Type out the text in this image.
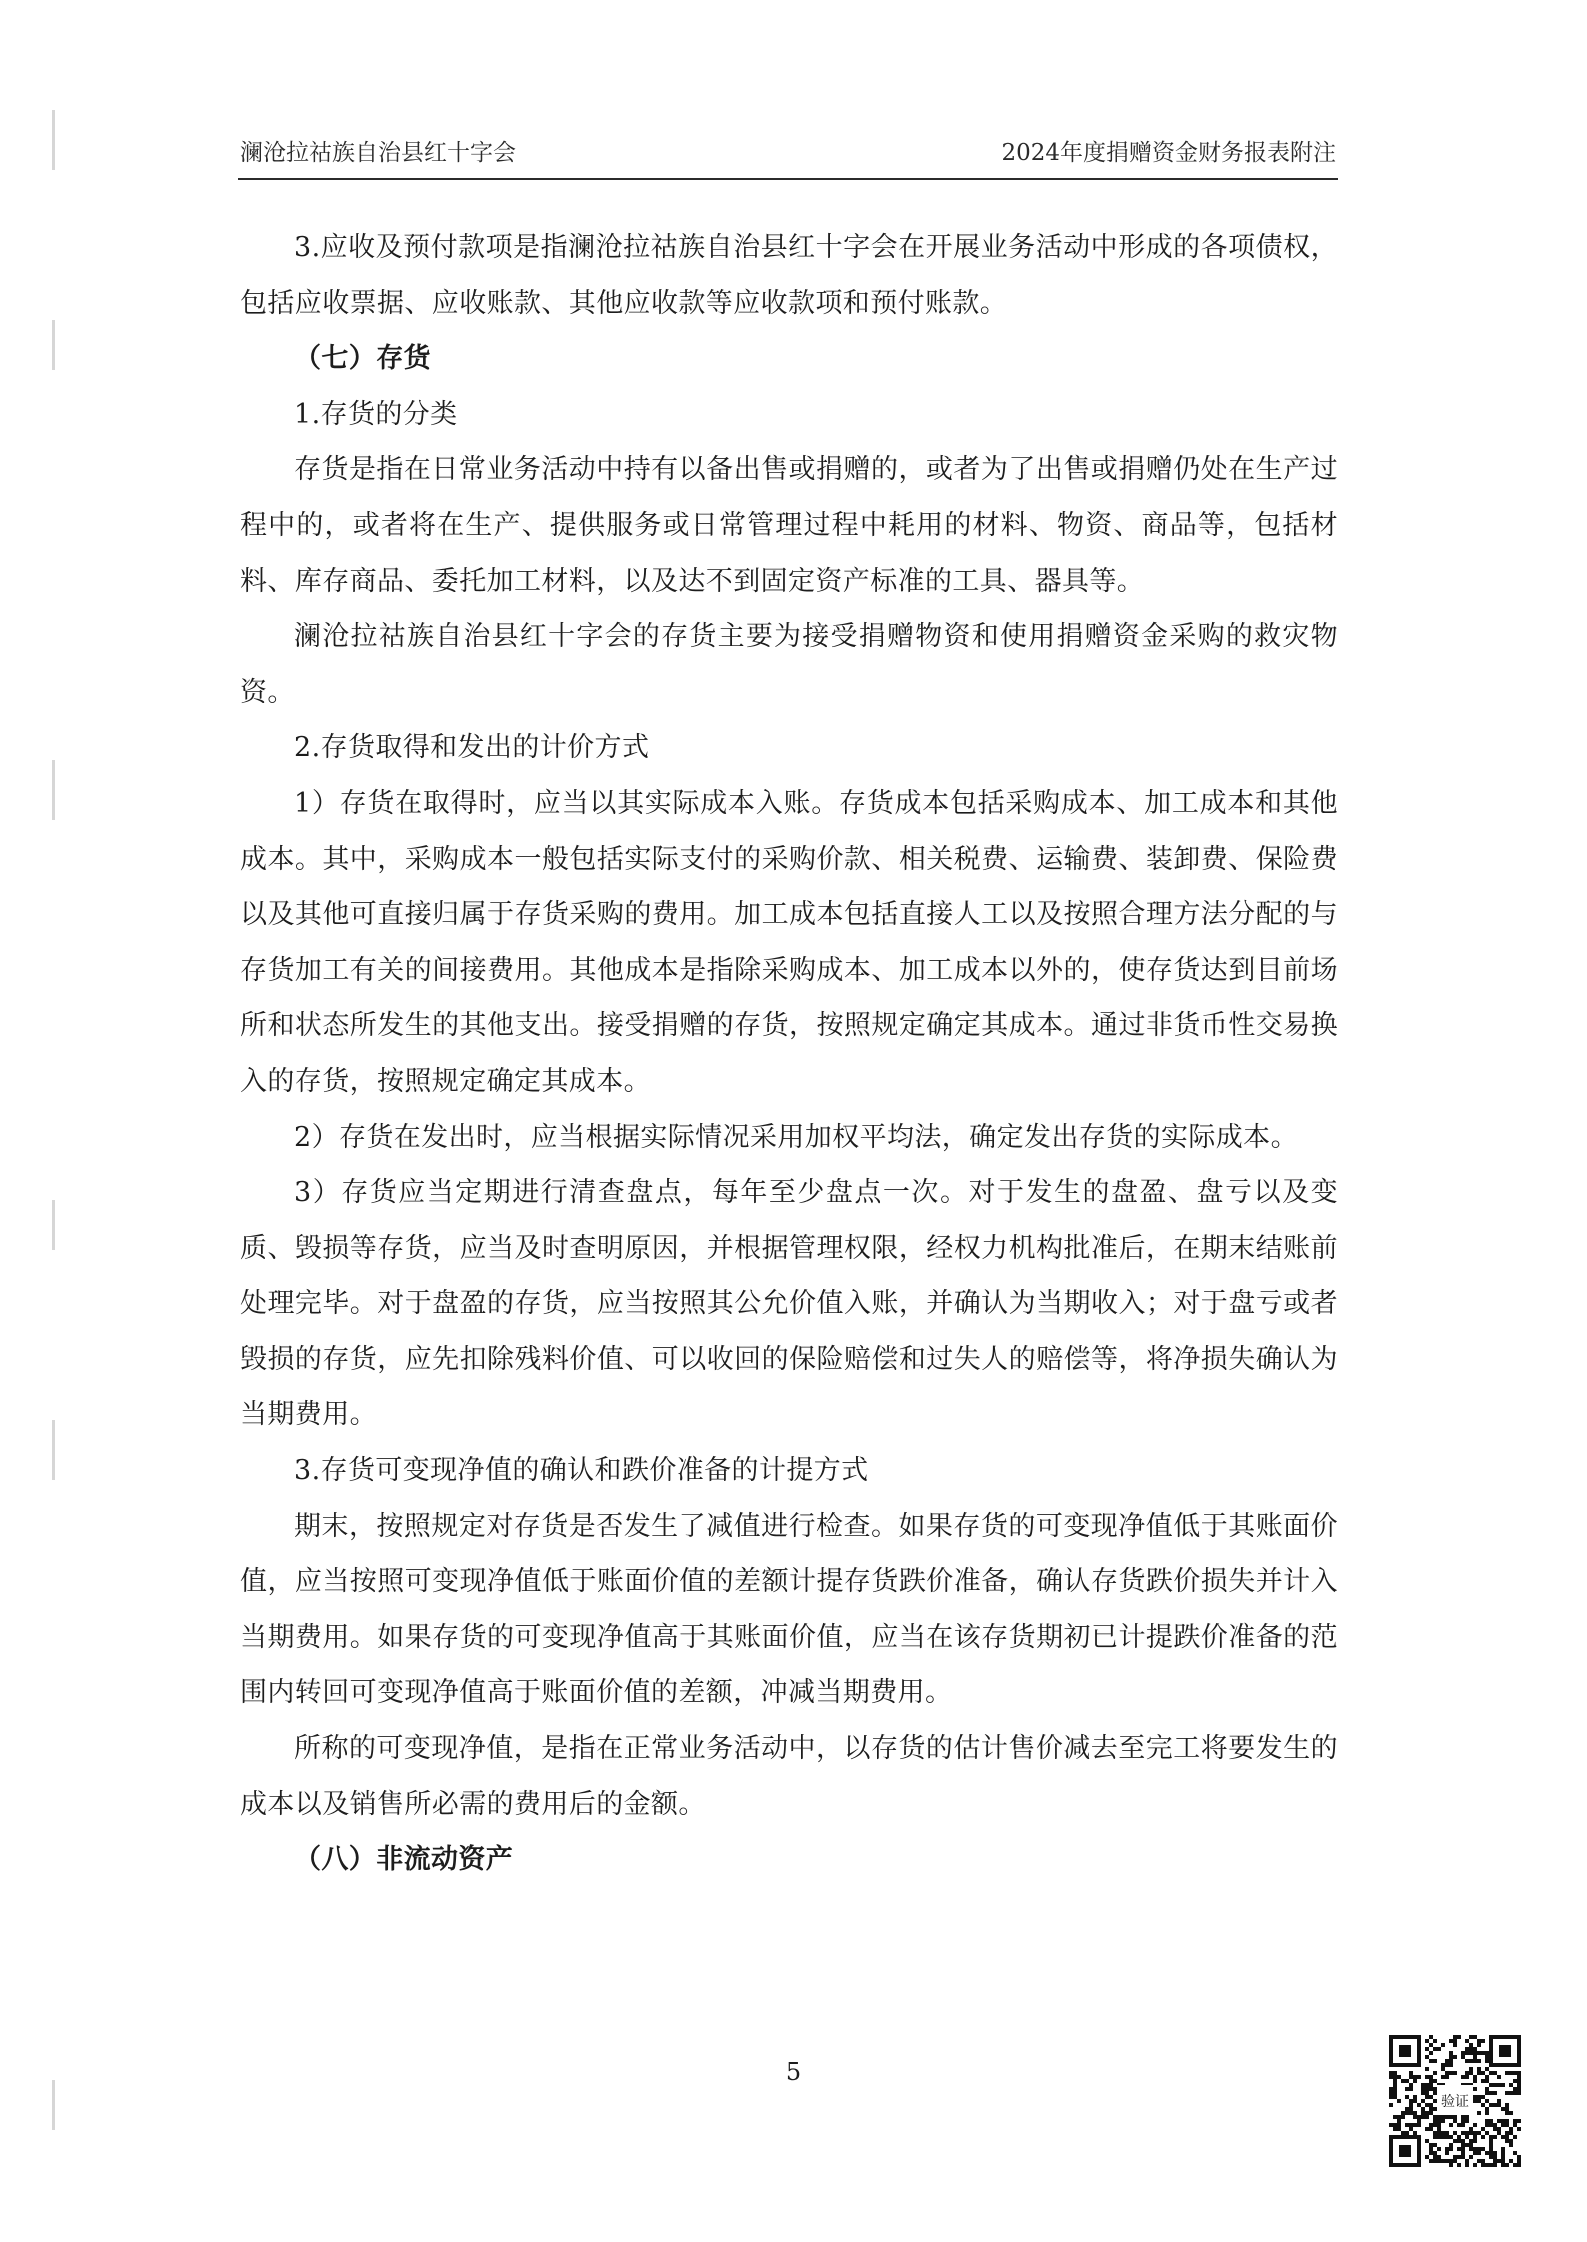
澜沧拉祜族自治县红十字会	2024年度捐赠资金财务报表附注

3.应收及预付款项是指澜沧拉祜族自治县红十字会在开展业务活动中形成的各项债权，包括应收票据、应收账款、其他应收款等应收款项和预付账款。

（七）存货

1.存货的分类

存货是指在日常业务活动中持有以备出售或捐赠的，或者为了出售或捐赠仍处在生产过程中的，或者将在生产、提供服务或日常管理过程中耗用的材料、物资、商品等，包括材料、库存商品、委托加工材料，以及达不到固定资产标准的工具、器具等。

澜沧拉祜族自治县红十字会的存货主要为接受捐赠物资和使用捐赠资金采购的救灾物资。

2.存货取得和发出的计价方式

1）存货在取得时，应当以其实际成本入账。存货成本包括采购成本、加工成本和其他成本。其中，采购成本一般包括实际支付的采购价款、相关税费、运输费、装卸费、保险费以及其他可直接归属于存货采购的费用。加工成本包括直接人工以及按照合理方法分配的与存货加工有关的间接费用。其他成本是指除采购成本、加工成本以外的，使存货达到目前场所和状态所发生的其他支出。接受捐赠的存货，按照规定确定其成本。通过非货币性交易换入的存货，按照规定确定其成本。

2）存货在发出时，应当根据实际情况采用加权平均法，确定发出存货的实际成本。

3）存货应当定期进行清查盘点，每年至少盘点一次。对于发生的盘盈、盘亏以及变质、毁损等存货，应当及时查明原因，并根据管理权限，经权力机构批准后，在期末结账前处理完毕。对于盘盈的存货，应当按照其公允价值入账，并确认为当期收入；对于盘亏或者毁损的存货，应先扣除残料价值、可以收回的保险赔偿和过失人的赔偿等，将净损失确认为当期费用。

3.存货可变现净值的确认和跌价准备的计提方式

期末，按照规定对存货是否发生了减值进行检查。如果存货的可变现净值低于其账面价值，应当按照可变现净值低于账面价值的差额计提存货跌价准备，确认存货跌价损失并计入当期费用。如果存货的可变现净值高于其账面价值，应当在该存货期初已计提跌价准备的范围内转回可变现净值高于账面价值的差额，冲减当期费用。

所称的可变现净值，是指在正常业务活动中，以存货的估计售价减去至完工将要发生的成本以及销售所必需的费用后的金额。

（八）非流动资产

5
验证
